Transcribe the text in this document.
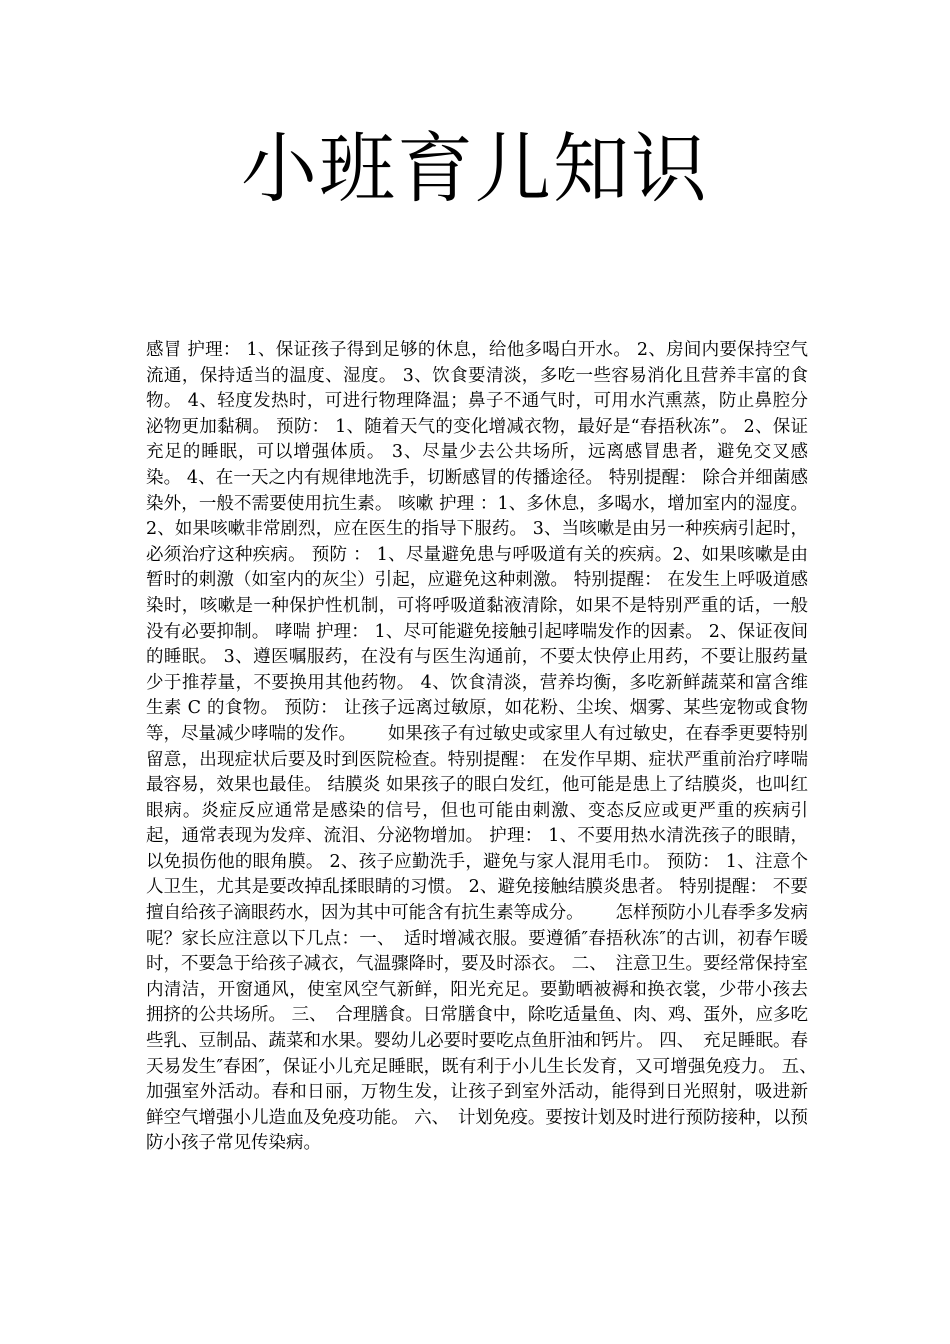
小班育儿知识

感冒 护理： 1、保证孩子得到足够的休息，给他多喝白开水。 2、房间内要保持空气流通，保持适当的温度、湿度。 3、饮食要清淡，多吃一些容易消化且营养丰富的食物。 4、轻度发热时，可进行物理降温；鼻子不通气时，可用水汽熏蒸，防止鼻腔分泌物更加黏稠。 预防： 1、随着天气的变化增减衣物，最好是“春捂秋冻”。 2、保证充足的睡眠，可以增强体质。 3、尽量少去公共场所，远离感冒患者，避免交叉感染。 4、在一天之内有规律地洗手，切断感冒的传播途径。 特别提醒： 除合并细菌感染外，一般不需要使用抗生素。 咳嗽 护理 ：1、多休息，多喝水，增加室内的湿度。 2、如果咳嗽非常剧烈，应在医生的指导下服药。 3、当咳嗽是由另一种疾病引起时，必须治疗这种疾病。 预防 ： 1、尽量避免患与呼吸道有关的疾病。2、如果咳嗽是由暂时的刺激（如室内的灰尘）引起，应避免这种刺激。 特别提醒： 在发生上呼吸道感染时，咳嗽是一种保护性机制，可将呼吸道黏液清除，如果不是特别严重的话，一般没有必要抑制。 哮喘 护理： 1、尽可能避免接触引起哮喘发作的因素。 2、保证夜间的睡眠。 3、遵医嘱服药，在没有与医生沟通前，不要太快停止用药，不要让服药量少于推荐量，不要换用其他药物。 4、饮食清淡，营养均衡，多吃新鲜蔬菜和富含维生素 C 的食物。 预防： 让孩子远离过敏原，如花粉、尘埃、烟雾、某些宠物或食物等，尽量减少哮喘的发作。　　 如果孩子有过敏史或家里人有过敏史，在春季更要特别留意，出现症状后要及时到医院检查。特别提醒： 在发作早期、症状严重前治疗哮喘最容易，效果也最佳。 结膜炎 如果孩子的眼白发红，他可能是患上了结膜炎，也叫红眼病。炎症反应通常是感染的信号，但也可能由刺激、变态反应或更严重的疾病引起，通常表现为发痒、流泪、分泌物增加。 护理： 1、不要用热水清洗孩子的眼睛，以免损伤他的眼角膜。 2、孩子应勤洗手，避免与家人混用毛巾。 预防： 1、注意个人卫生，尤其是要改掉乱揉眼睛的习惯。 2、避免接触结膜炎患者。 特别提醒： 不要擅自给孩子滴眼药水，因为其中可能含有抗生素等成分。　　 怎样预防小儿春季多发病呢？家长应注意以下几点：一、　适时增减衣服。要遵循″春捂秋冻″的古训，初春乍暖时，不要急于给孩子减衣，气温骤降时，要及时添衣。 二、　注意卫生。要经常保持室内清洁，开窗通风，使室风空气新鲜，阳光充足。要勤晒被褥和换衣裳，少带小孩去拥挤的公共场所。 三、　合理膳食。日常膳食中，除吃适量鱼、肉、鸡、蛋外，应多吃些乳、豆制品、蔬菜和水果。婴幼儿必要时要吃点鱼肝油和钙片。 四、　充足睡眠。春天易发生″春困″，保证小儿充足睡眠，既有利于小儿生长发育，又可增强免疫力。 五、　加强室外活动。春和日丽，万物生发，让孩子到室外活动，能得到日光照射，吸进新鲜空气增强小儿造血及免疫功能。 六、　计划免疫。要按计划及时进行预防接种，以预防小孩子常见传染病。
